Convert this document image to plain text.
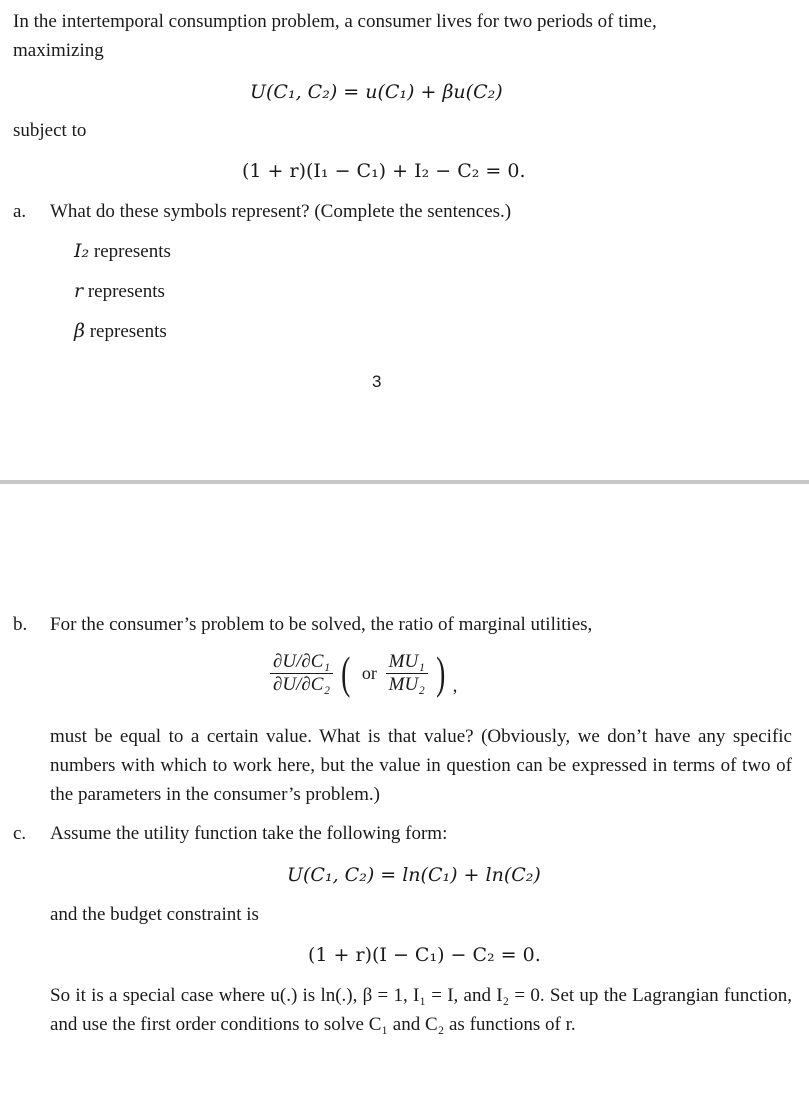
In the intertemporal consumption problem, a consumer lives for two periods of time,
maximizing
U(C₁, C₂) = u(C₁) + βu(C₂)
subject to
(1 + r)(I₁ − C₁) + I₂ − C₂ = 0.
a. What do these symbols represent? (Complete the sentences.)
I₂ represents
r represents
β represents
3
b. For the consumer’s problem to be solved, the ratio of marginal utilities,
$\frac{\text{∂U/∂C₁}}{\text{∂U/∂C₂}}$ ( or $\frac{\text{MU₁}}{\text{MU₂}}$ ) ,
must be equal to a certain value. What is that value? (Obviously, we don’t have any specific numbers with which to work here, but the value in question can be expressed in terms of two of the parameters in the consumer’s problem.)
c. Assume the utility function take the following form:
U(C₁, C₂) = ln(C₁) + ln(C₂)
and the budget constraint is
(1 + r)(I − C₁) − C₂ = 0.
So it is a special case where u(.) is ln(.), β = 1, I₁ = I, and I₂ = 0. Set up the Lagrangian function, and use the first order conditions to solve C₁ and C₂ as functions of r.
